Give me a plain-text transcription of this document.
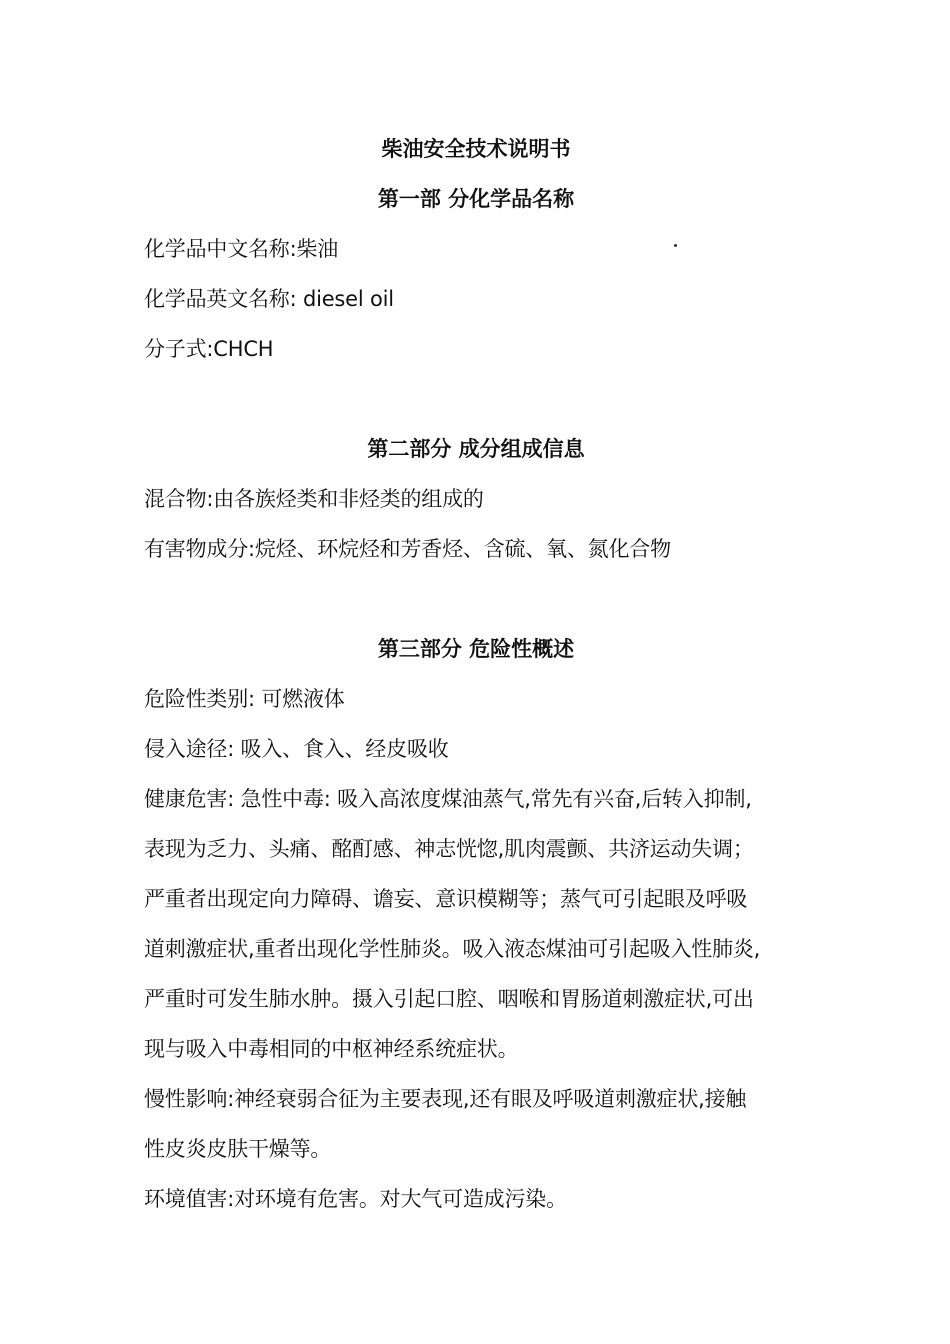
柴油安全技术说明书
第一部 分化学品名称
化学品中文名称:柴油
化学品英文名称: diesel oil
分子式:CHCH
第二部分 成分组成信息
混合物:由各族烃类和非烃类的组成的
有害物成分:烷烃、环烷烃和芳香烃、含硫、氧、氮化合物
第三部分 危险性概述
危险性类别: 可燃液体
侵入途径: 吸入、食入、经皮吸收
健康危害: 急性中毒: 吸入高浓度煤油蒸气,常先有兴奋,后转入抑制,
表现为乏力、头痛、酩酊感、神志恍惚,肌肉震颤、共济运动失调；
严重者出现定向力障碍、谵妄、意识模糊等；蒸气可引起眼及呼吸
道刺激症状,重者出现化学性肺炎。吸入液态煤油可引起吸入性肺炎,
严重时可发生肺水肿。摄入引起口腔、咽喉和胃肠道刺激症状,可出
现与吸入中毒相同的中枢神经系统症状。
慢性影响:神经衰弱合征为主要表现,还有眼及呼吸道刺激症状,接触
性皮炎皮肤干燥等。
环境值害:对环境有危害。对大气可造成污染。
